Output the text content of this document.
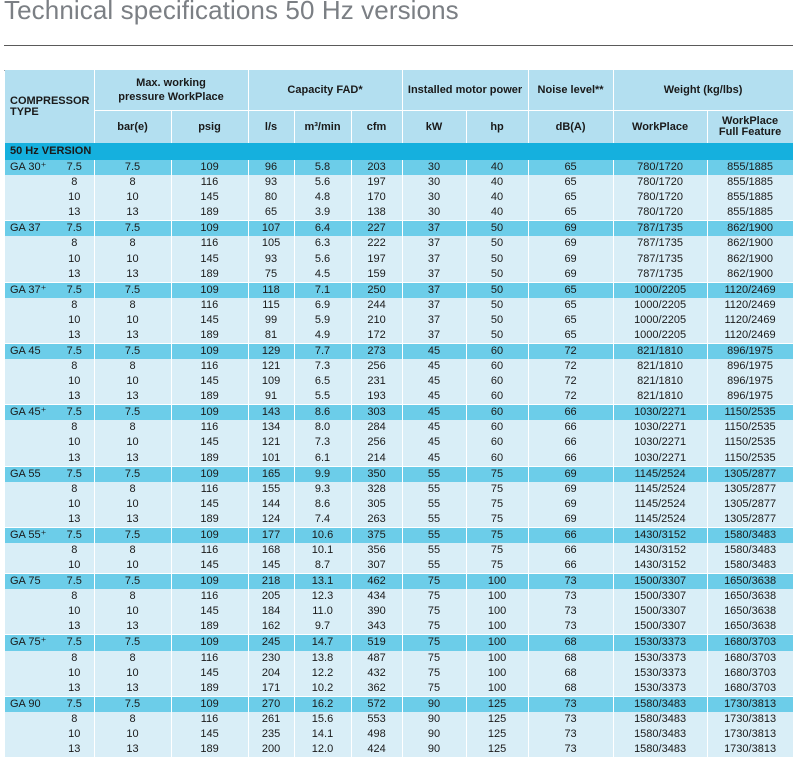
Technical specifications 50 Hz versions
COMPRESSOR
TYPE		Max. working
pressure WorkPlace		Capacity FAD*			Installed motor power		Noise level**	Weight (kg/lbs)	
		bar(e)	psig	l/s	m³/min	cfm	kW	hp	dB(A)	WorkPlace	WorkPlace
Full Feature

50 Hz VERSION											
GA 30⁺	7.5	7.5	109	96	5.8	203	30	40	65	780/1720	855/1885
	8	8	116	93	5.6	197	30	40	65	780/1720	855/1885
	10	10	145	80	4.8	170	30	40	65	780/1720	855/1885
	13	13	189	65	3.9	138	30	40	65	780/1720	855/1885
GA 37	7.5	7.5	109	107	6.4	227	37	50	69	787/1735	862/1900
	8	8	116	105	6.3	222	37	50	69	787/1735	862/1900
	10	10	145	93	5.6	197	37	50	69	787/1735	862/1900
	13	13	189	75	4.5	159	37	50	69	787/1735	862/1900
GA 37⁺	7.5	7.5	109	118	7.1	250	37	50	65	1000/2205	1120/2469
	8	8	116	115	6.9	244	37	50	65	1000/2205	1120/2469
	10	10	145	99	5.9	210	37	50	65	1000/2205	1120/2469
	13	13	189	81	4.9	172	37	50	65	1000/2205	1120/2469
GA 45	7.5	7.5	109	129	7.7	273	45	60	72	821/1810	896/1975
	8	8	116	121	7.3	256	45	60	72	821/1810	896/1975
	10	10	145	109	6.5	231	45	60	72	821/1810	896/1975
	13	13	189	91	5.5	193	45	60	72	821/1810	896/1975
GA 45⁺	7.5	7.5	109	143	8.6	303	45	60	66	1030/2271	1150/2535
	8	8	116	134	8.0	284	45	60	66	1030/2271	1150/2535
	10	10	145	121	7.3	256	45	60	66	1030/2271	1150/2535
	13	13	189	101	6.1	214	45	60	66	1030/2271	1150/2535
GA 55	7.5	7.5	109	165	9.9	350	55	75	69	1145/2524	1305/2877
	8	8	116	155	9.3	328	55	75	69	1145/2524	1305/2877
	10	10	145	144	8.6	305	55	75	69	1145/2524	1305/2877
	13	13	189	124	7.4	263	55	75	69	1145/2524	1305/2877
GA 55⁺	7.5	7.5	109	177	10.6	375	55	75	66	1430/3152	1580/3483
	8	8	116	168	10.1	356	55	75	66	1430/3152	1580/3483
	10	10	145	145	8.7	307	55	75	66	1430/3152	1580/3483
GA 75	7.5	7.5	109	218	13.1	462	75	100	73	1500/3307	1650/3638
	8	8	116	205	12.3	434	75	100	73	1500/3307	1650/3638
	10	10	145	184	11.0	390	75	100	73	1500/3307	1650/3638
	13	13	189	162	9.7	343	75	100	73	1500/3307	1650/3638
GA 75⁺	7.5	7.5	109	245	14.7	519	75	100	68	1530/3373	1680/3703
	8	8	116	230	13.8	487	75	100	68	1530/3373	1680/3703
	10	10	145	204	12.2	432	75	100	68	1530/3373	1680/3703
	13	13	189	171	10.2	362	75	100	68	1530/3373	1680/3703
GA 90	7.5	7.5	109	270	16.2	572	90	125	73	1580/3483	1730/3813
	8	8	116	261	15.6	553	90	125	73	1580/3483	1730/3813
	10	10	145	235	14.1	498	90	125	73	1580/3483	1730/3813
	13	13	189	200	12.0	424	90	125	73	1580/3483	1730/3813
